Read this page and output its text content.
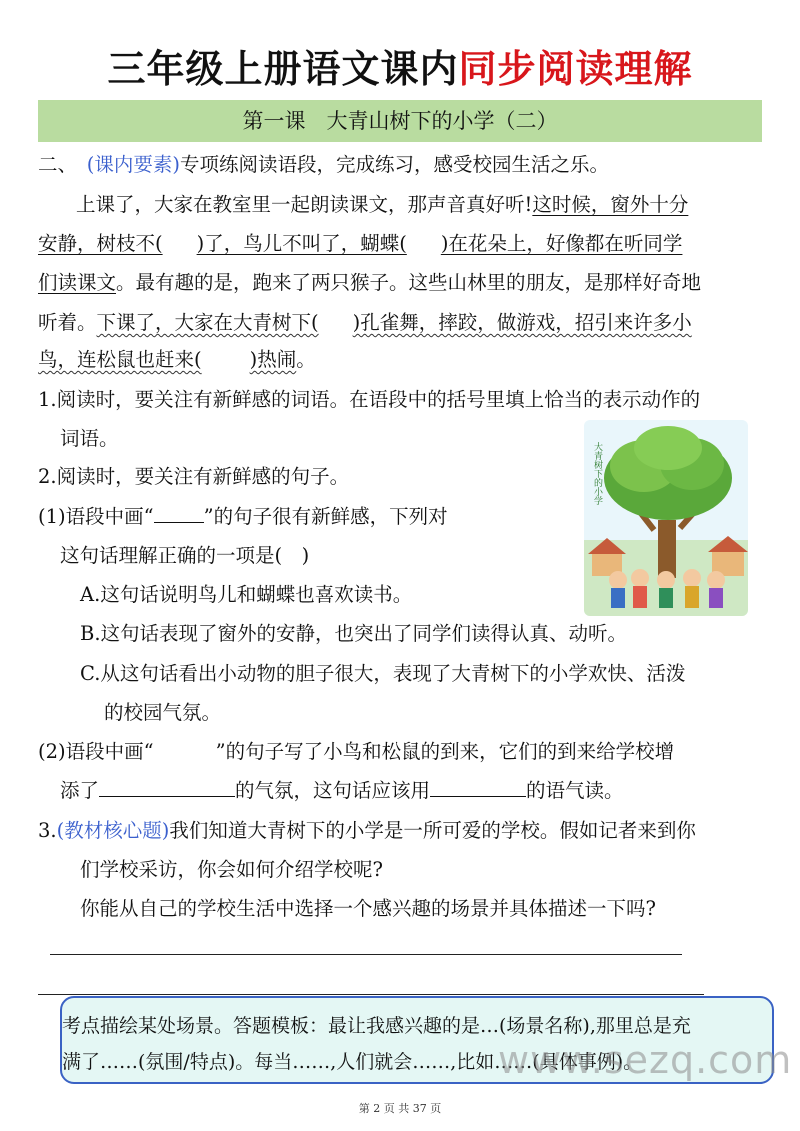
三年级上册语文课内同步阅读理解
第一课　 大青山树下的小学（二）
二、　 (课内要素)专项练阅读语段，完成练习，感受校园生活之乐。
上课了，大家在教室里一起朗读课文，那声音真好听!这时候，窗外十分
安静，树枝不( )了，鸟儿不叫了，蝴蝶( )在花朵上，好像都在听同学
们读课文。最有趣的是，跑来了两只猴子。这些山林里的朋友，是那样好奇地
听着。下课了，大家在大青树下( )孔雀舞，摔跤，做游戏，招引来许多小
鸟，连松鼠也赶来( )热闹。
1.阅读时，要关注有新鲜感的词语。在语段中的括号里填上恰当的表示动作的
词语。
2.阅读时，要关注有新鲜感的句子。
(1)语段中画“	”的句子很有新鲜感，下列对
这句话理解正确的一项是(　)
A.这句话说明鸟儿和蝴蝶也喜欢读书。
B.这句话表现了窗外的安静，也突出了同学们读得认真、动听。
C.从这句话看出小动物的胆子很大，表现了大青树下的小学欢快、活泼
的校园气氛。
(2)语段中画“	”的句子写了小鸟和松鼠的到来，它们的到来给学校增
添了	的气氛，这句话应该用	的语气读。
3.(教材核心题)我们知道大青树下的小学是一所可爱的学校。假如记者来到你
们学校采访，你会如何介绍学校呢?
你能从自己的学校生活中选择一个感兴趣的场景并具体描述一下吗?
考点描绘某处场景。答题模板：最让我感兴趣的是…(场景名称),那里总是充
满了……(氛围/特点)。每当……,人们就会……,比如……(具体事例)。
大青树下的小学
www.sezq.com
第 2 页 共 37 页
